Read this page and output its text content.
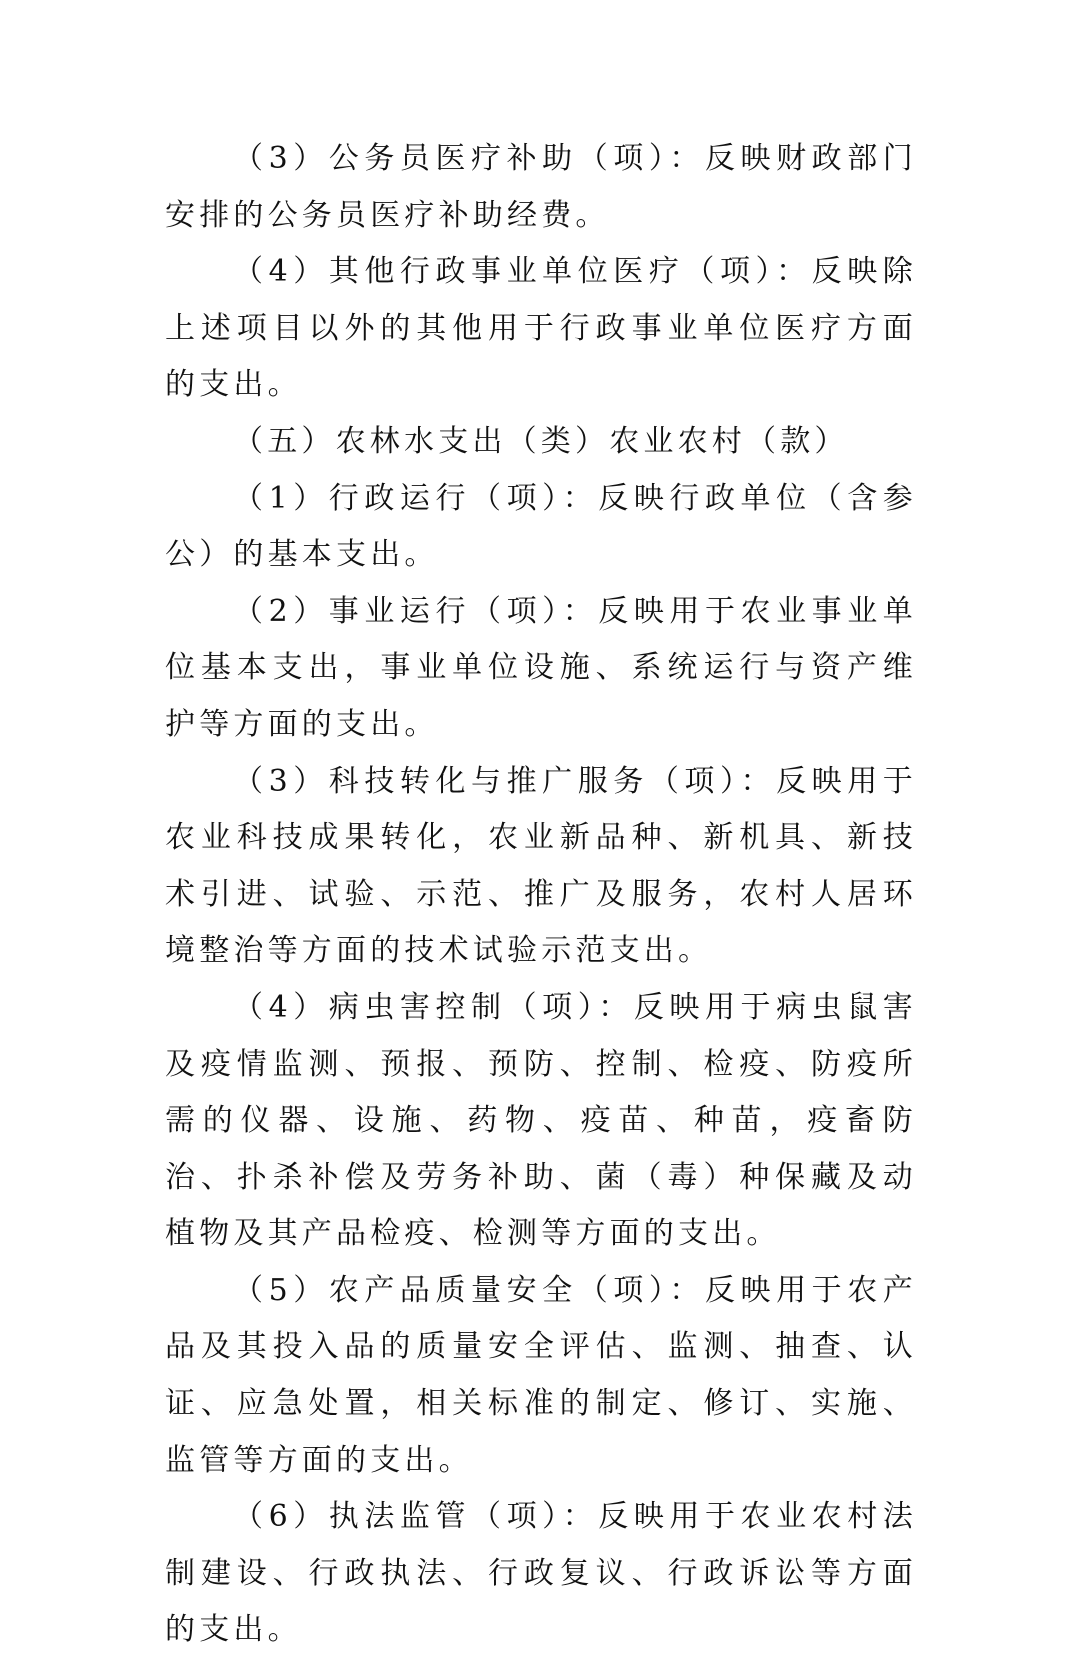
（3）公务员医疗补助（项）：反映财政部门安排的公务员医疗补助经费。

（4）其他行政事业单位医疗（项）：反映除上述项目以外的其他用于行政事业单位医疗方面的支出。

（五）农林水支出（类）农业农村（款）

（1）行政运行（项）：反映行政单位（含参公）的基本支出。

（2）事业运行（项）：反映用于农业事业单位基本支出，事业单位设施、系统运行与资产维护等方面的支出。

（3）科技转化与推广服务（项）：反映用于农业科技成果转化，农业新品种、新机具、新技术引进、试验、示范、推广及服务，农村人居环境整治等方面的技术试验示范支出。

（4）病虫害控制（项）：反映用于病虫鼠害及疫情监测、预报、预防、控制、检疫、防疫所需的仪器、设施、药物、疫苗、种苗，疫畜防治、扑杀补偿及劳务补助、菌（毒）种保藏及动植物及其产品检疫、检测等方面的支出。

（5）农产品质量安全（项）：反映用于农产品及其投入品的质量安全评估、监测、抽查、认证、应急处置，相关标准的制定、修订、实施、监管等方面的支出。

（6）执法监管（项）：反映用于农业农村法制建设、行政执法、行政复议、行政诉讼等方面的支出。
